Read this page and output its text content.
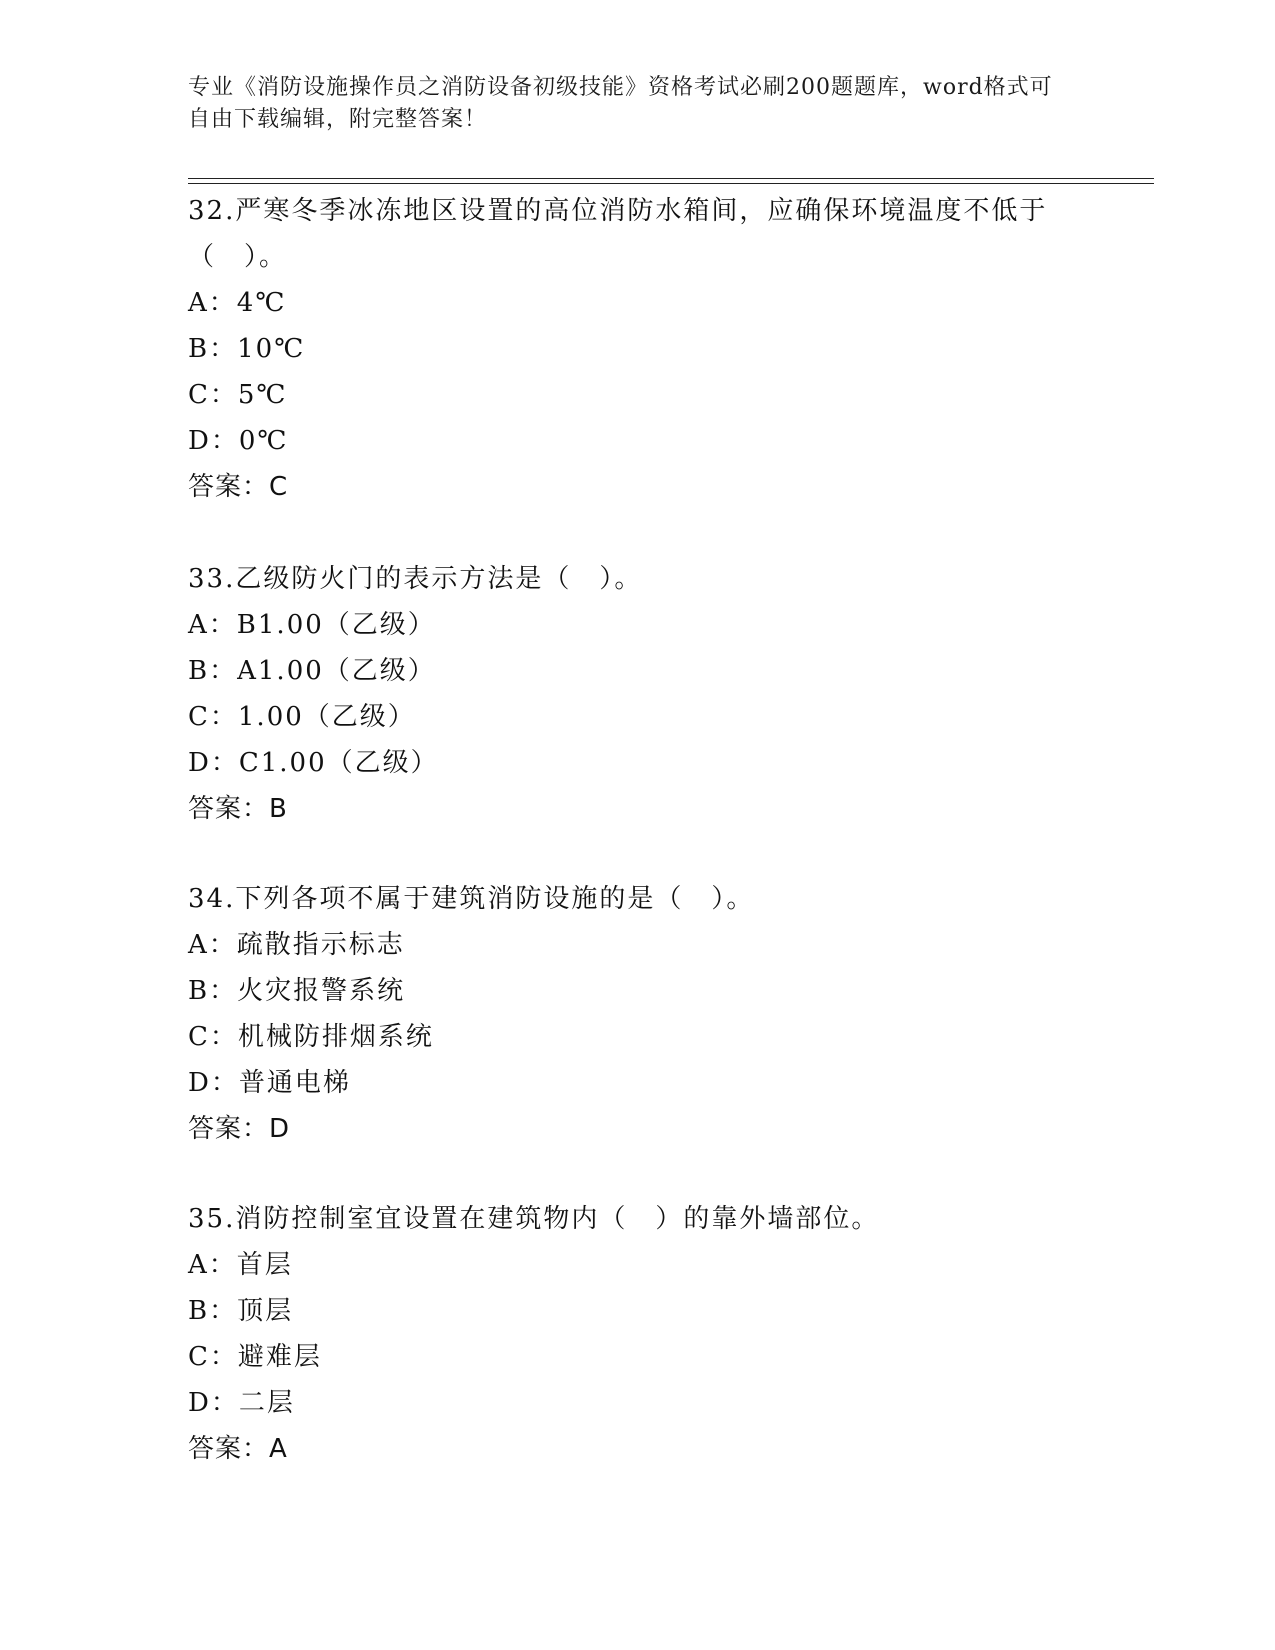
专业《消防设施操作员之消防设备初级技能》资格考试必刷200题题库，word格式可自由下载编辑，附完整答案！

32.严寒冬季冰冻地区设置的高位消防水箱间，应确保环境温度不低于

（　）。

A：4℃

B：10℃

C：5℃

D：0℃

答案：C

33.乙级防火门的表示方法是（　）。

A：B1.00（乙级）

B：A1.00（乙级）

C：1.00（乙级）

D：C1.00（乙级）

答案：B

34.下列各项不属于建筑消防设施的是（　）。

A：疏散指示标志

B：火灾报警系统

C：机械防排烟系统

D：普通电梯

答案：D

35.消防控制室宜设置在建筑物内（　）的靠外墙部位。

A：首层

B：顶层

C：避难层

D：二层

答案：A
